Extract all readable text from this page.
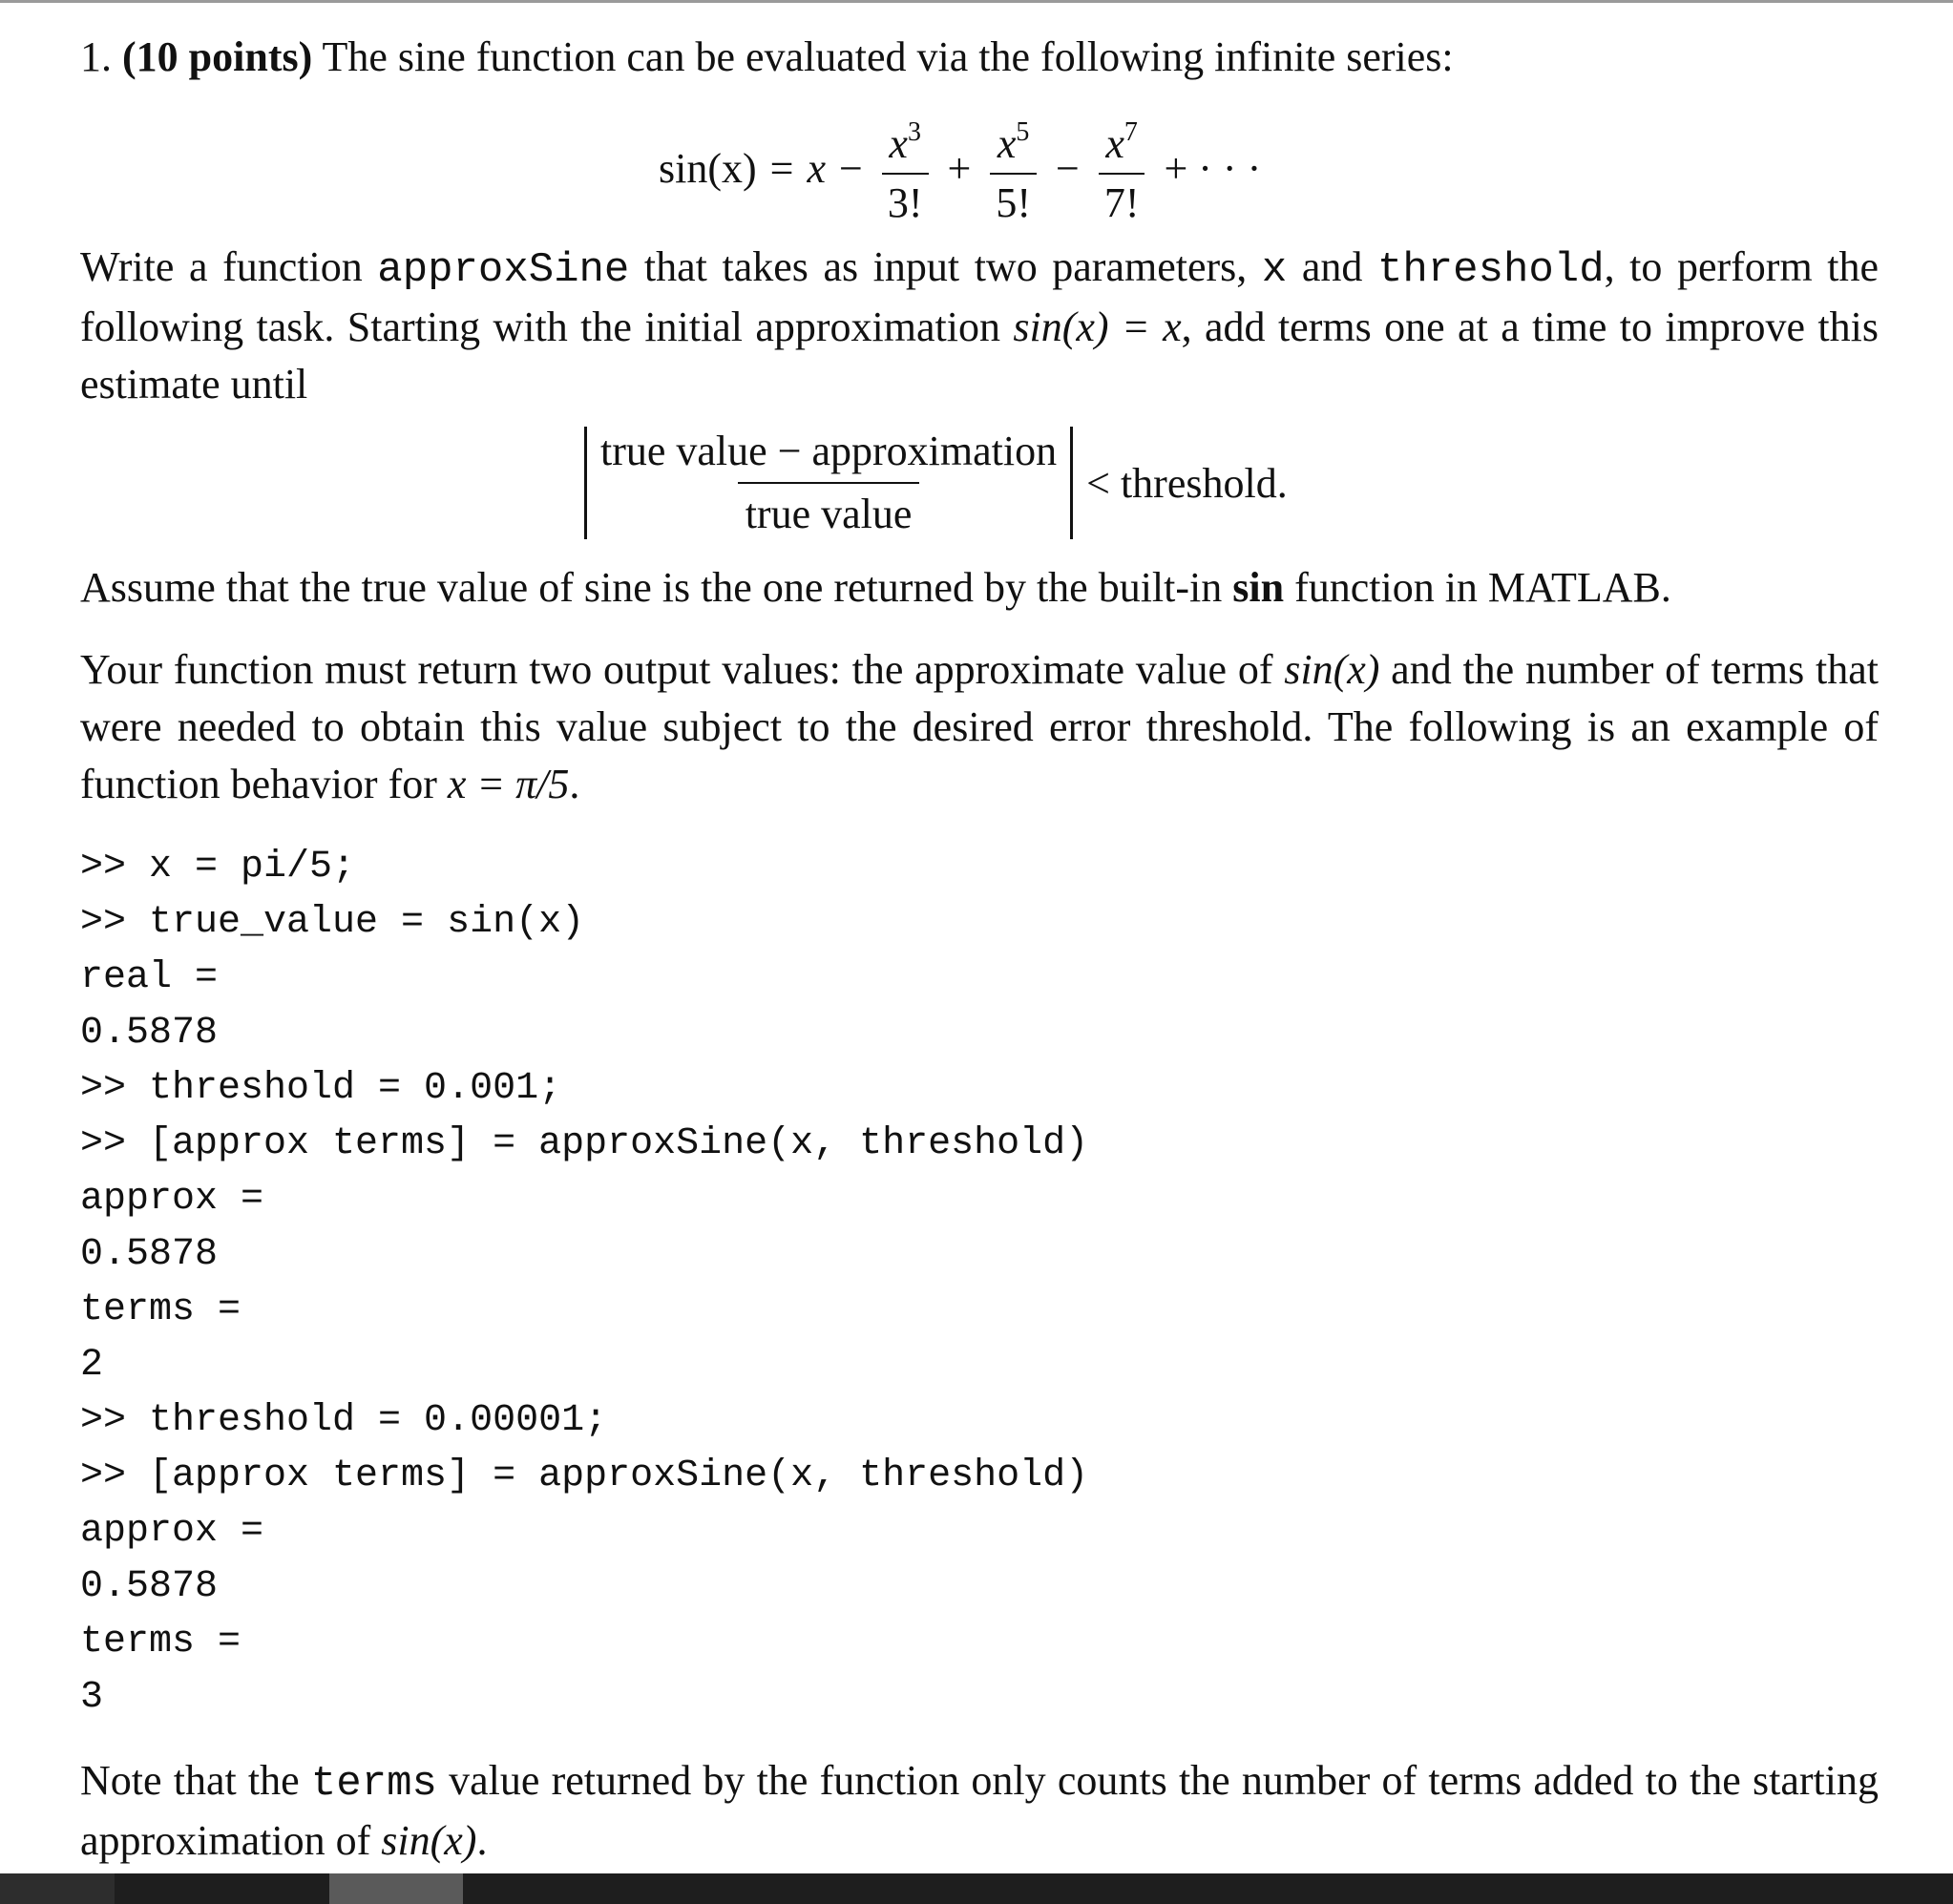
1. (10 points) The sine function can be evaluated via the following infinite series:

$\sin(x) = x - \frac{x^3}{3!} + \frac{x^5}{5!} - \frac{x^7}{7!}$ + · · ·

Write a function approxSine that takes as input two parameters, x and threshold, to perform the following task. Starting with the initial approximation sin(x) = x, add terms one at a time to improve this estimate until

$\frac{\text{true value − approximation}}{\text{true value}}$ < threshold.

Assume that the true value of sine is the one returned by the built-in sin function in MATLAB.

Your function must return two output values: the approximate value of sin(x) and the number of terms that were needed to obtain this value subject to the desired error threshold. The following is an example of function behavior for x = π/5.

>> x = pi/5;
>> true_value = sin(x)
real =
0.5878
>> threshold = 0.001;
>> [approx terms] = approxSine(x, threshold)
approx =
0.5878
terms =
2
>> threshold = 0.00001;
>> [approx terms] = approxSine(x, threshold)
approx =
0.5878
terms =
3

Note that the terms value returned by the function only counts the number of terms added to the starting approximation of sin(x).
